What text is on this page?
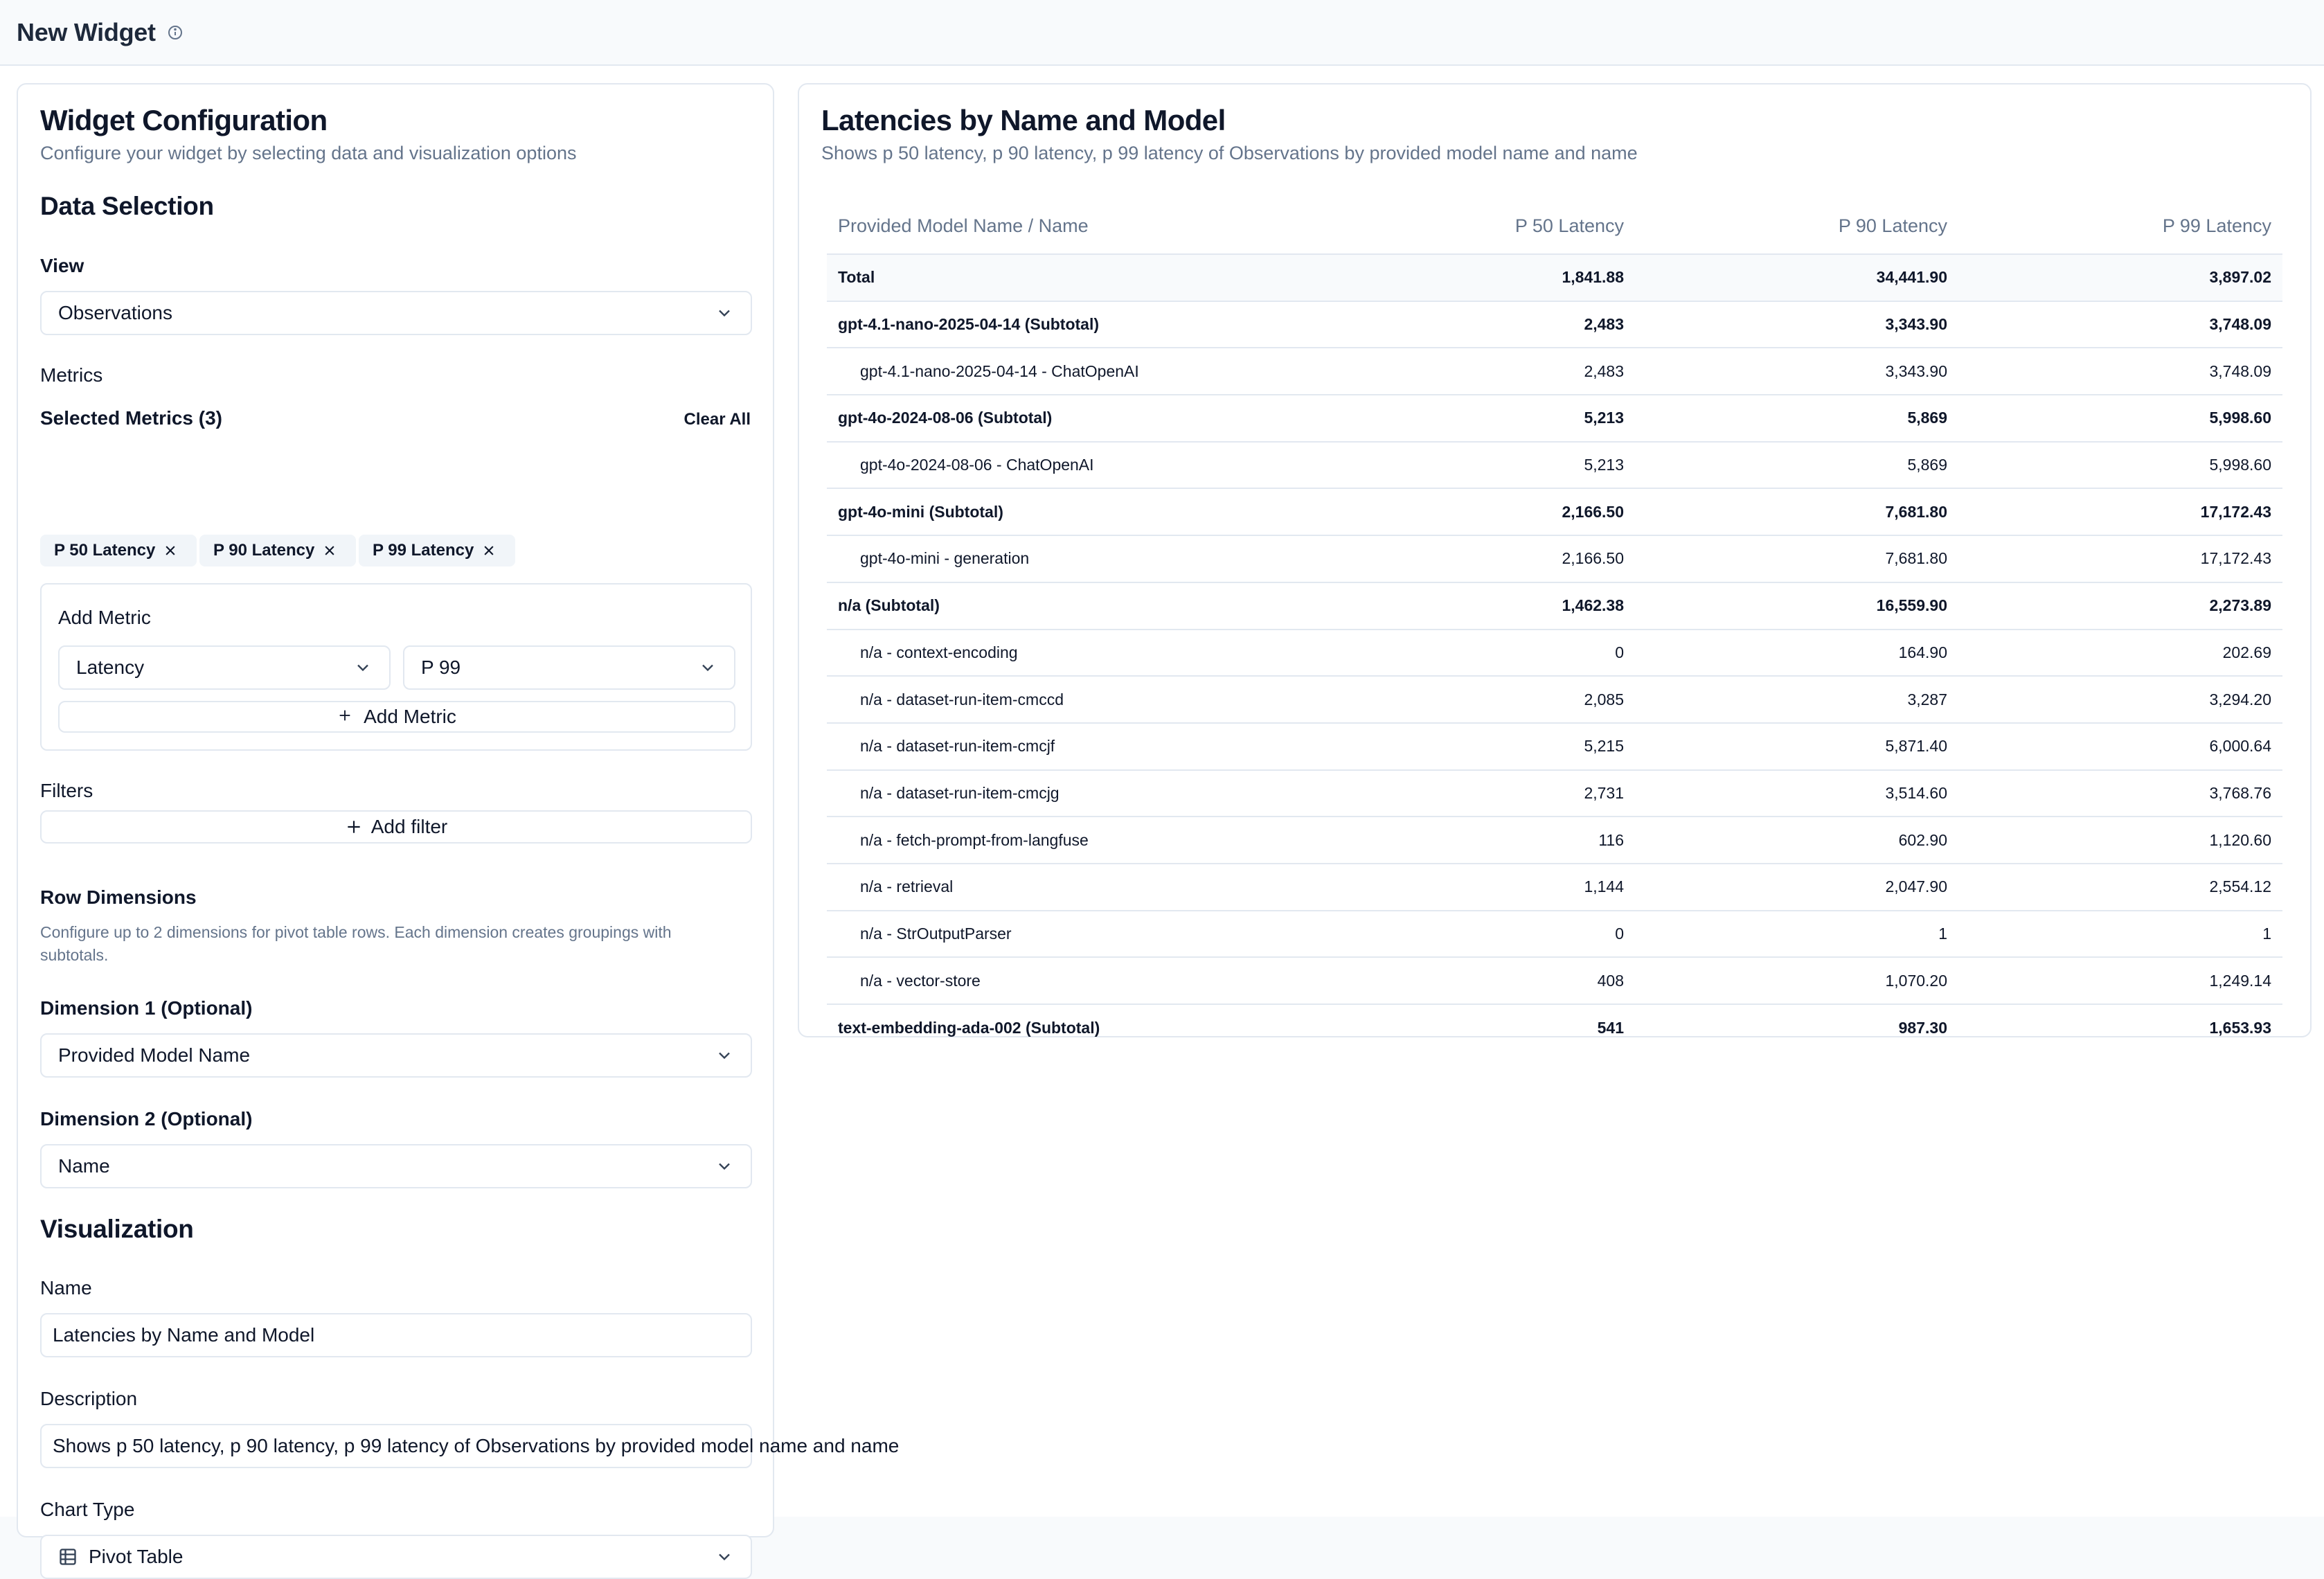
New Widget
Widget Configuration
Configure your widget by selecting data and visualization options
Data Selection
View
Observations
Metrics
Selected Metrics (3)	Clear All
P 50 Latency	P 90 Latency	P 99 Latency
Add Metric
Latency	P 99
Add Metric
Filters
Add filter
Row Dimensions
Configure up to 2 dimensions for pivot table rows. Each dimension creates groupings with subtotals.
Dimension 1 (Optional)
Provided Model Name
Dimension 2 (Optional)
Name
Visualization
Name
Latencies by Name and Model
Description
Shows p 50 latency, p 90 latency, p 99 latency of Observations by provided model name and name
Chart Type
Pivot Table
Latencies by Name and Model
Shows p 50 latency, p 90 latency, p 99 latency of Observations by provided model name and name
Provided Model Name / Name	P 50 Latency	P 90 Latency	P 99 Latency
Total	1,841.88	34,441.90	3,897.02
gpt-4.1-nano-2025-04-14 (Subtotal)	2,483	3,343.90	3,748.09
gpt-4.1-nano-2025-04-14 - ChatOpenAI	2,483	3,343.90	3,748.09
gpt-4o-2024-08-06 (Subtotal)	5,213	5,869	5,998.60
gpt-4o-2024-08-06 - ChatOpenAI	5,213	5,869	5,998.60
gpt-4o-mini (Subtotal)	2,166.50	7,681.80	17,172.43
gpt-4o-mini - generation	2,166.50	7,681.80	17,172.43
n/a (Subtotal)	1,462.38	16,559.90	2,273.89
n/a - context-encoding	0	164.90	202.69
n/a - dataset-run-item-cmccd	2,085	3,287	3,294.20
n/a - dataset-run-item-cmcjf	5,215	5,871.40	6,000.64
n/a - dataset-run-item-cmcjg	2,731	3,514.60	3,768.76
n/a - fetch-prompt-from-langfuse	116	602.90	1,120.60
n/a - retrieval	1,144	2,047.90	2,554.12
n/a - StrOutputParser	0	1	1
n/a - vector-store	408	1,070.20	1,249.14
text-embedding-ada-002 (Subtotal)	541	987.30	1,653.93
